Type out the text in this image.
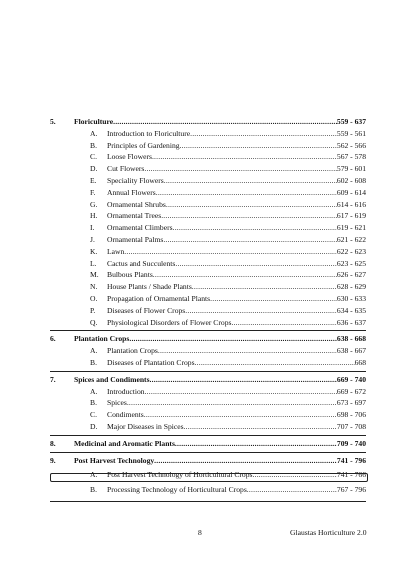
5. Floriculture .....	559 - 637
A. Introduction to Floriculture .....	559 - 561
B. Principles of Gardening .....	562 - 566
C. Loose Flowers .....	567 - 578
D. Cut Flowers .....	579 - 601
E. Speciality Flowers .....	602 - 608
F. Annual Flowers .....	609 - 614
G. Ornamental Shrubs .....	614 - 616
H. Ornamental Trees .....	617 - 619
I. Ornamental Climbers .....	619 - 621
J. Ornamental Palms .....	621 - 622
K. Lawn .....	622 - 623
L. Cactus and Succulents .....	623 - 625
M. Bulbous Plants .....	626 - 627
N. House Plants / Shade Plants .....	628 - 629
O. Propagation of Ornamental Plants .....	630 - 633
P. Diseases of Flower Crops .....	634 - 635
Q. Physiological Disorders of Flower Crops .....	636 - 637
6. Plantation Crops .....	638 - 668
A. Plantation Crops .....	638 - 667
B. Diseases of Plantation Crops .....	668
7. Spices and Condiments .....	669 - 740
A. Introduction .....	669 - 672
B. Spices .....	673 - 697
C. Condiments .....	698 - 706
D. Major Diseases in Spices .....	707 - 708
8. Medicinal and Aromatic Plants .....	709 - 740
9. Post Harvest Technology .....	741 - 796
A. Post Harvest Technology of Horticultural Crops .....	741 - 766
B. Processing Technology of Horticultural Crops .....	767 - 796
8	Glaustas Horticulture 2.0
